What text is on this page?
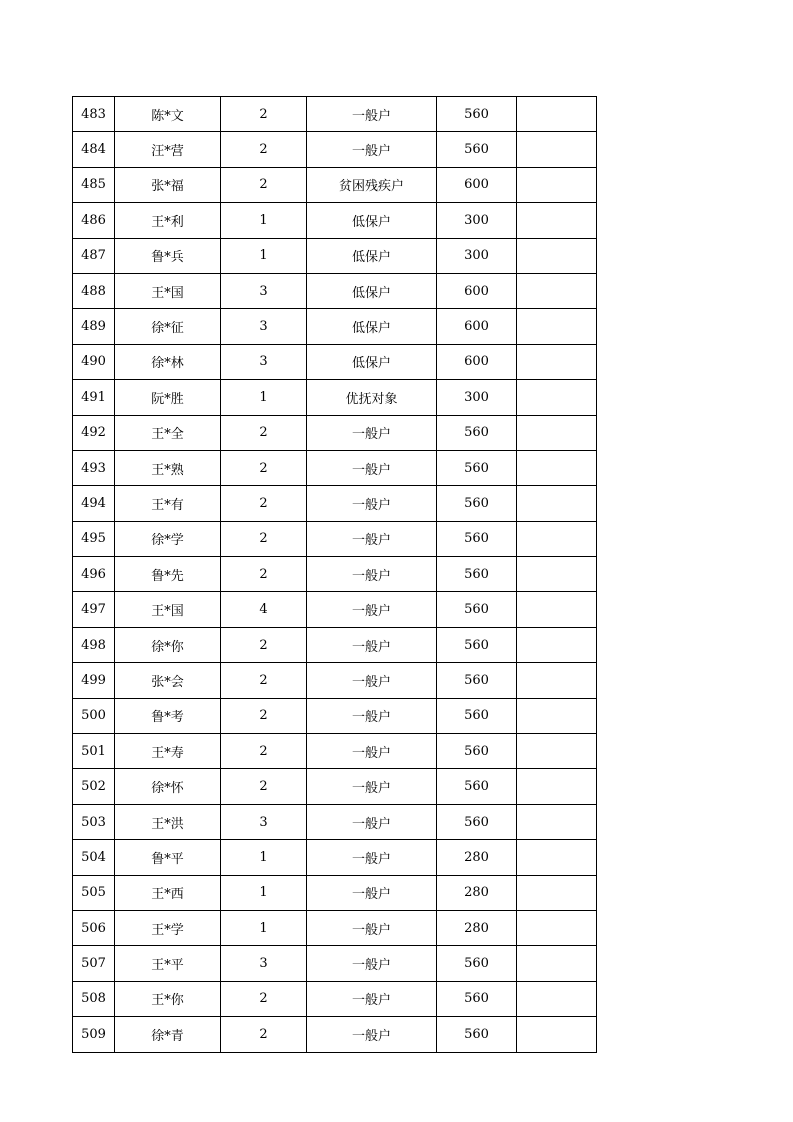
483	陈*文	2	一般户	560	
484	汪*营	2	一般户	560	
485	张*福	2	贫困残疾户	600	
486	王*利	1	低保户	300	
487	鲁*兵	1	低保户	300	
488	王*国	3	低保户	600	
489	徐*征	3	低保户	600	
490	徐*林	3	低保户	600	
491	阮*胜	1	优抚对象	300	
492	王*全	2	一般户	560	
493	王*熟	2	一般户	560	
494	王*有	2	一般户	560	
495	徐*学	2	一般户	560	
496	鲁*先	2	一般户	560	
497	王*国	4	一般户	560	
498	徐*你	2	一般户	560	
499	张*会	2	一般户	560	
500	鲁*考	2	一般户	560	
501	王*寿	2	一般户	560	
502	徐*怀	2	一般户	560	
503	王*洪	3	一般户	560	
504	鲁*平	1	一般户	280	
505	王*西	1	一般户	280	
506	王*学	1	一般户	280	
507	王*平	3	一般户	560	
508	王*你	2	一般户	560	
509	徐*青	2	一般户	560	
